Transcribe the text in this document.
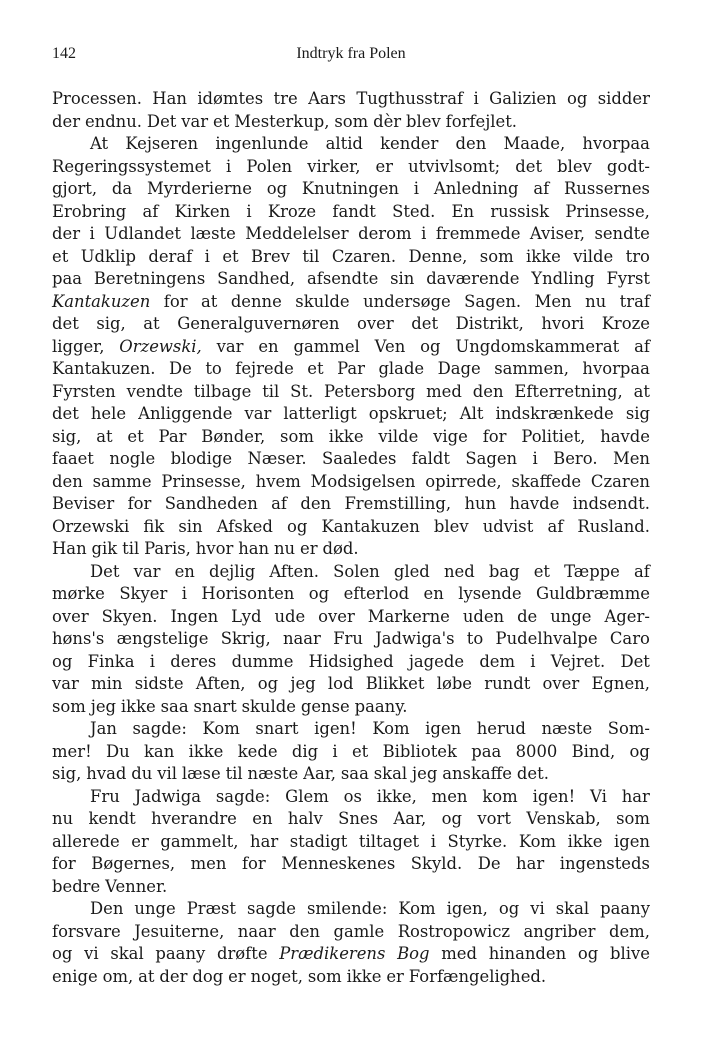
142	Indtryk fra Polen
Processen. Han idømtes tre Aars Tugthusstraf i Galizien og sidder
der endnu. Det var et Mesterkup, som dèr blev forfejlet.
At Kejseren ingenlunde altid kender den Maade, hvorpaa
Regeringssystemet i Polen virker, er utvivlsomt; det blev godt-
gjort, da Myrderierne og Knutningen i Anledning af Russernes
Erobring af Kirken i Kroze fandt Sted. En russisk Prinsesse,
der i Udlandet læste Meddelelser derom i fremmede Aviser, sendte
et Udklip deraf i et Brev til Czaren. Denne, som ikke vilde tro
paa Beretningens Sandhed, afsendte sin daværende Yndling Fyrst
Kantakuzen for at denne skulde undersøge Sagen. Men nu traf
det sig, at Generalguvernøren over det Distrikt, hvori Kroze
ligger, Orzewski, var en gammel Ven og Ungdomskammerat af
Kantakuzen. De to fejrede et Par glade Dage sammen, hvorpaa
Fyrsten vendte tilbage til St. Petersborg med den Efterretning, at
det hele Anliggende var latterligt opskruet; Alt indskrænkede sig
sig, at et Par Bønder, som ikke vilde vige for Politiet, havde
faaet nogle blodige Næser. Saaledes faldt Sagen i Bero. Men
den samme Prinsesse, hvem Modsigelsen opirrede, skaffede Czaren
Beviser for Sandheden af den Fremstilling, hun havde indsendt.
Orzewski fik sin Afsked og Kantakuzen blev udvist af Rusland.
Han gik til Paris, hvor han nu er død.
Det var en dejlig Aften. Solen gled ned bag et Tæppe af
mørke Skyer i Horisonten og efterlod en lysende Guldbræmme
over Skyen. Ingen Lyd ude over Markerne uden de unge Ager-
høns's ængstelige Skrig, naar Fru Jadwiga's to Pudelhvalpe Caro
og Finka i deres dumme Hidsighed jagede dem i Vejret. Det
var min sidste Aften, og jeg lod Blikket løbe rundt over Egnen,
som jeg ikke saa snart skulde gense paany.
Jan sagde: Kom snart igen! Kom igen herud næste Som-
mer! Du kan ikke kede dig i et Bibliotek paa 8000 Bind, og
sig, hvad du vil læse til næste Aar, saa skal jeg anskaffe det.
Fru Jadwiga sagde: Glem os ikke, men kom igen! Vi har
nu kendt hverandre en halv Snes Aar, og vort Venskab, som
allerede er gammelt, har stadigt tiltaget i Styrke. Kom ikke igen
for Bøgernes, men for Menneskenes Skyld. De har ingensteds
bedre Venner.
Den unge Præst sagde smilende: Kom igen, og vi skal paany
forsvare Jesuiterne, naar den gamle Rostropowicz angriber dem,
og vi skal paany drøfte Prædikerens Bog med hinanden og blive
enige om, at der dog er noget, som ikke er Forfængelighed.
